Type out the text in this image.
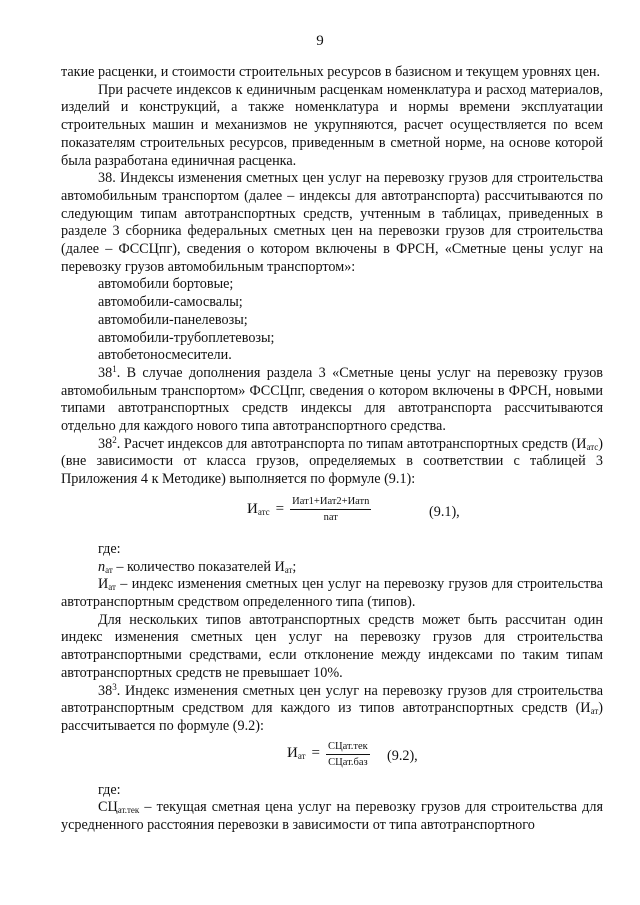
9

такие расценки, и стоимости строительных ресурсов в базисном и текущем уровнях цен.

При расчете индексов к единичным расценкам номенклатура и расход материалов, изделий и конструкций, а также номенклатура и нормы времени эксплуатации строительных машин и механизмов не укрупняются, расчет осуществляется по всем показателям строительных ресурсов, приведенным в сметной норме, на основе которой была разработана единичная расценка.

38. Индексы изменения сметных цен услуг на перевозку грузов для строительства автомобильным транспортом (далее – индексы для автотранспорта) рассчитываются по следующим типам автотранспортных средств, учтенным в таблицах, приведенных в разделе 3 сборника федеральных сметных цен на перевозки грузов для строительства (далее – ФССЦпг), сведения о котором включены в ФРСН, «Сметные цены услуг на перевозку грузов автомобильным транспортом»:

автомобили бортовые;

автомобили-самосвалы;

автомобили-панелевозы;

автомобили-трубоплетевозы;

автобетоносмесители.

$38^1$. В случае дополнения раздела 3 «Сметные цены услуг на перевозку грузов автомобильным транспортом» ФССЦпг, сведения о котором включены в ФРСН, новыми типами автотранспортных средств индексы для автотранспорта рассчитываются отдельно для каждого нового типа автотранспортного средства.

$38^2$. Расчет индексов для автотранспорта по типам автотранспортных средств $(И_{атс})$ (вне зависимости от класса грузов, определяемых в соответствии с таблицей 3 Приложения 4 к Методике) выполняется по формуле (9.1):

$И_{атс} = \frac{\text{Иат1+Иат2+Иатn}}{\text{nат}}$	(9.1),

где:

$n_{ат}$ – количество показателей $И_{ат}$;

$И_{ат}$ – индекс изменения сметных цен услуг на перевозку грузов для строительства автотранспортным средством определенного типа (типов).

Для нескольких типов автотранспортных средств может быть рассчитан один индекс изменения сметных цен услуг на перевозку грузов для строительства автотранспортными средствами, если отклонение между индексами по таким типам автотранспортных средств не превышает 10%.

$38^3$. Индекс изменения сметных цен услуг на перевозку грузов для строительства автотранспортным средством для каждого из типов автотранспортных средств $(И_{ат})$ рассчитывается по формуле (9.2):

$И_{ат} = \frac{\text{СЦат.тек}}{\text{СЦат.баз}} (9.2)$,

где:

$СЦ_{ат.тек}$ – текущая сметная цена услуг на перевозку грузов для строительства для усредненного расстояния перевозки в зависимости от типа автотранспортного
